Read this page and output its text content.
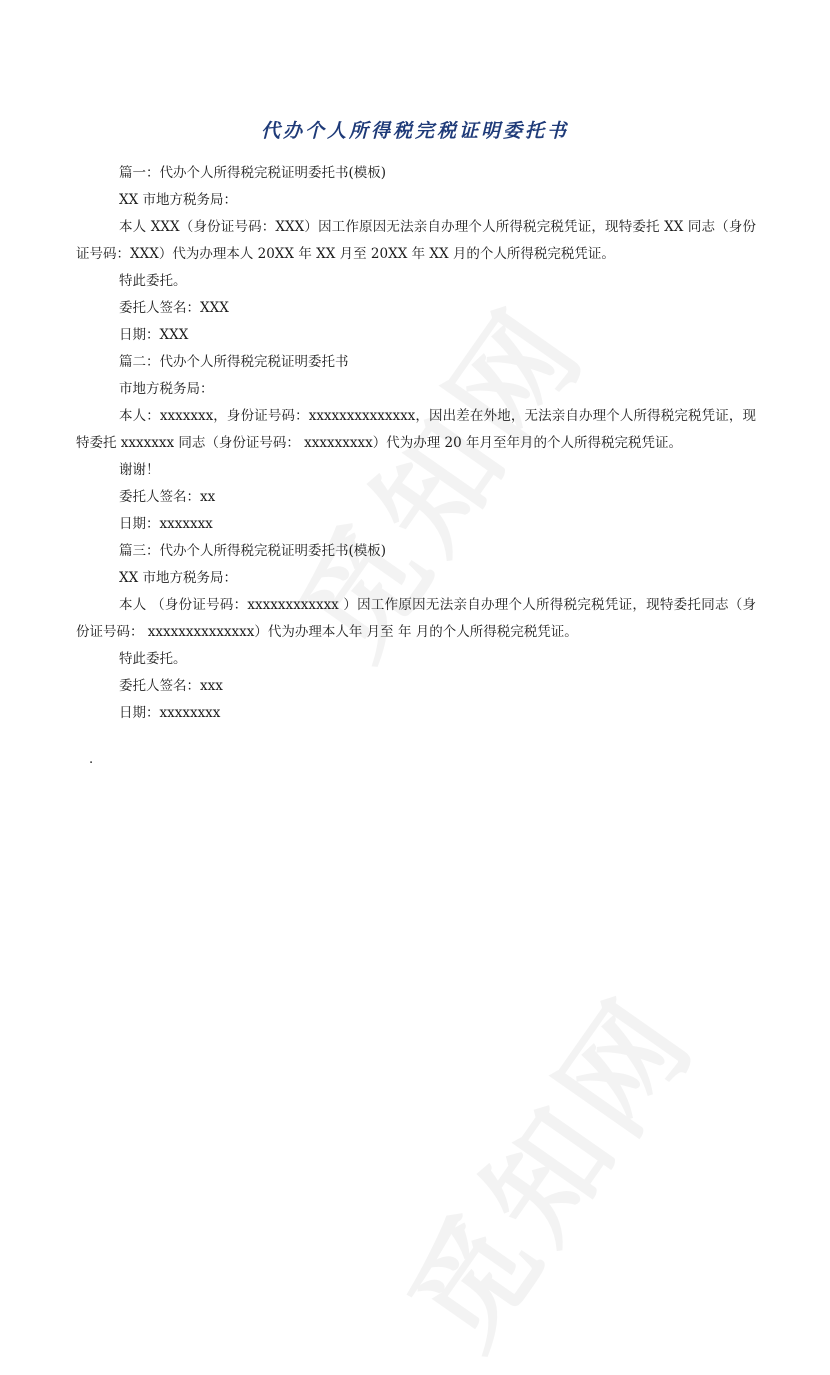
代办个人所得税完税证明委托书

篇一：代办个人所得税完税证明委托书(模板)

XX 市地方税务局：

本人 XXX（身份证号码：XXX）因工作原因无法亲自办理个人所得税完税凭证，现特委托 XX 同志（身份证号码：XXX）代为办理本人 20XX 年 XX 月至 20XX 年 XX 月的个人所得税完税凭证。

特此委托。

委托人签名：XXX

日期：XXX

篇二：代办个人所得税完税证明委托书

市地方税务局：

本人：xxxxxxx，身份证号码：xxxxxxxxxxxxxx，因出差在外地，无法亲自办理个人所得税完税凭证，现特委托 xxxxxxx 同志（身份证号码： xxxxxxxxx）代为办理 20 年月至年月的个人所得税完税凭证。

谢谢！

委托人签名：xx

日期：xxxxxxx

篇三：代办个人所得税完税证明委托书(模板)

XX 市地方税务局：

本人 （身份证号码：xxxxxxxxxxxx ）因工作原因无法亲自办理个人所得税完税凭证，现特委托同志（身份证号码： xxxxxxxxxxxxxx）代为办理本人年 月至 年 月的个人所得税完税凭证。

特此委托。

委托人签名：xxx

日期：xxxxxxxx

.
